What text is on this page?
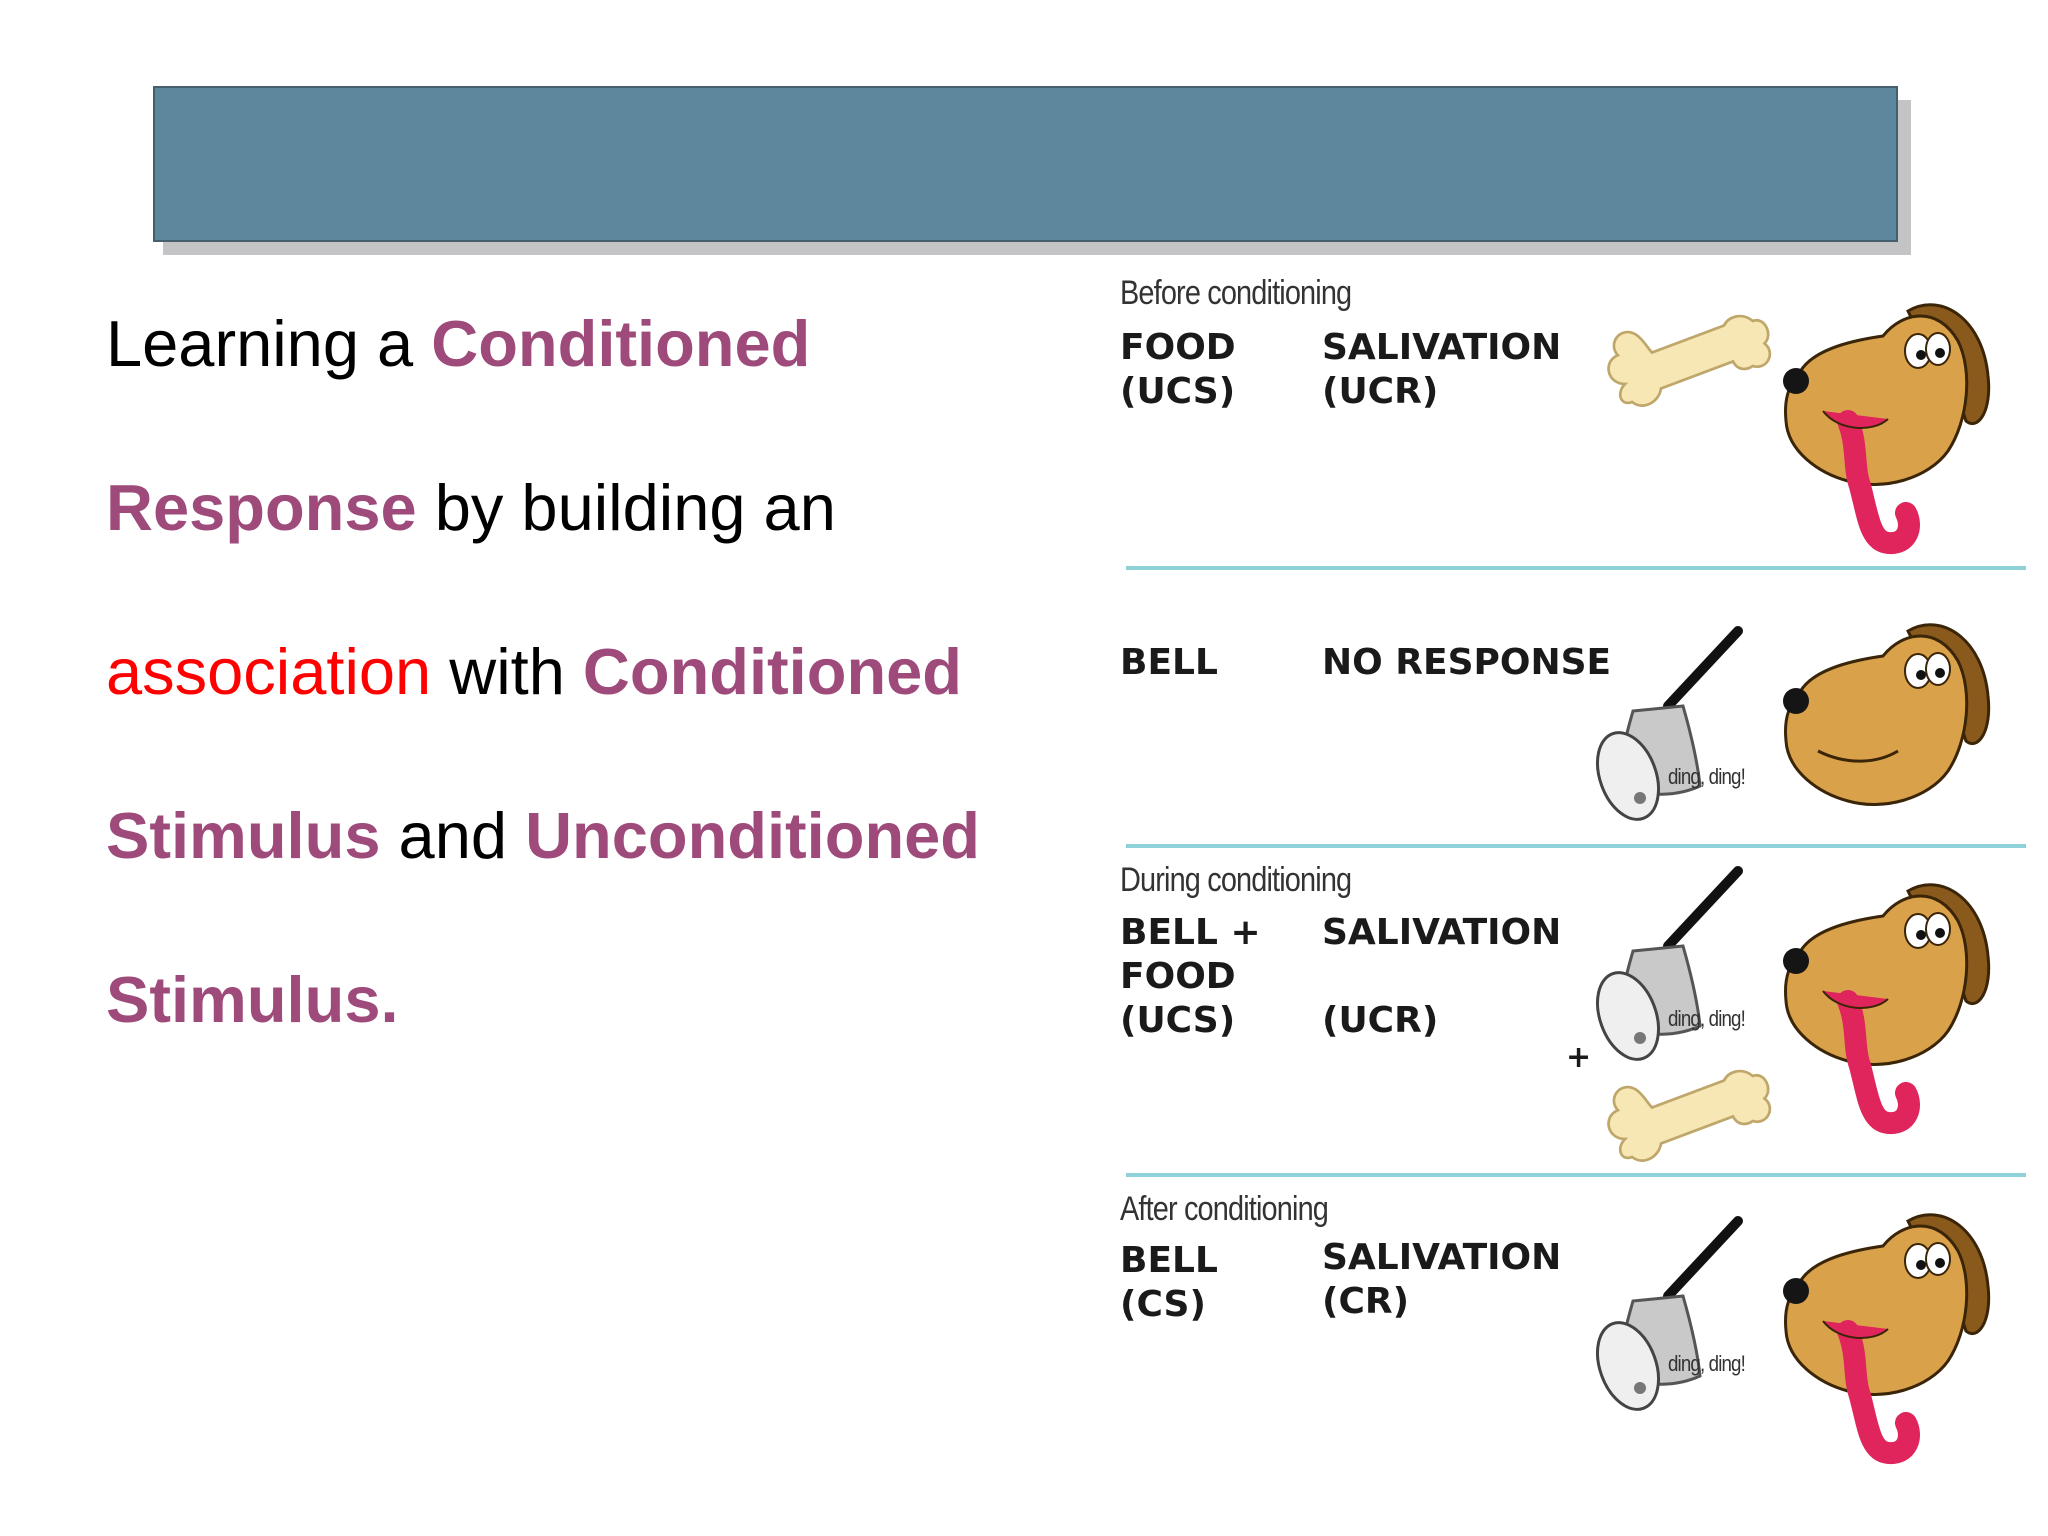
Learning a Conditioned
Response by building an
association with Conditioned
Stimulus and Unconditioned
Stimulus.
Before conditioning
FOOD
(UCS)
SALIVATION
(UCR)
BELL	NO RESPONSE
ding, ding!
During conditioning
BELL +
FOOD
(UCS)
SALIVATION
(UCR)	ding, ding!
+
After conditioning
BELL
(CS)
SALIVATION
(CR)
ding, ding!
